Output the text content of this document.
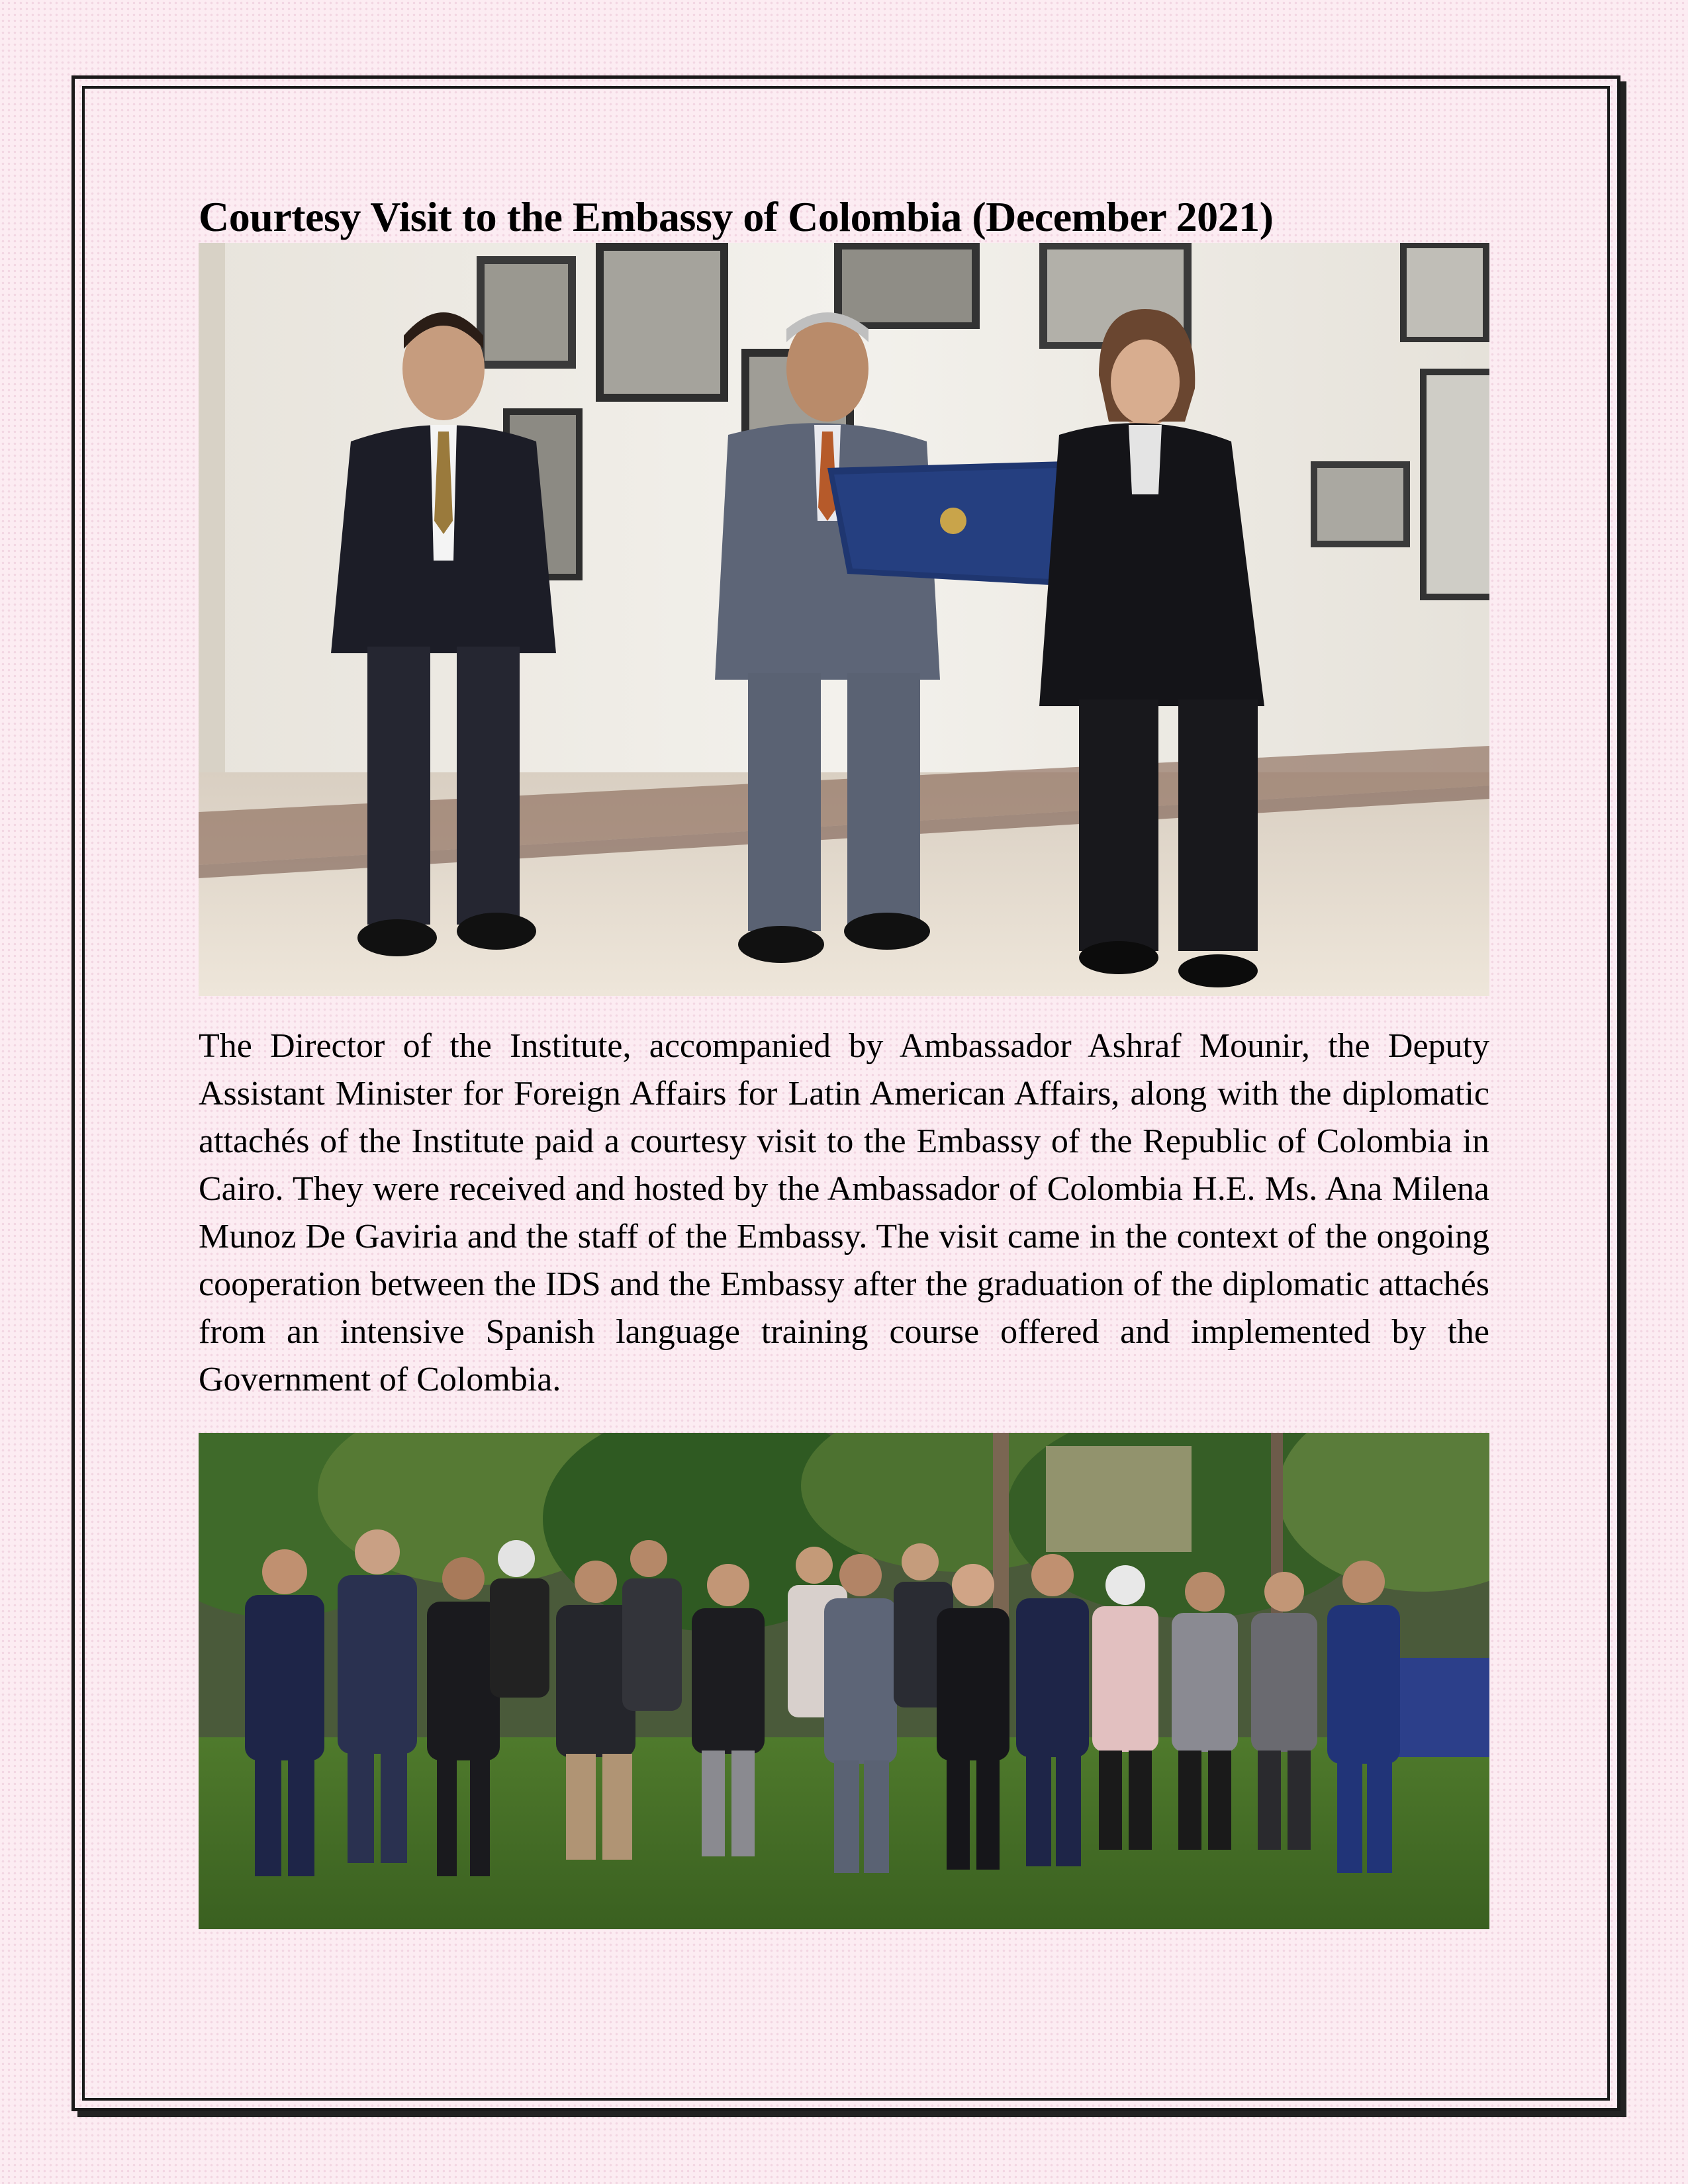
Courtesy Visit to the Embassy of Colombia (December 2021)

The Director of the Institute, accompanied by Ambassador Ashraf Mounir, the Deputy Assistant Minister for Foreign Affairs for Latin American Affairs, along with the diplomatic attachés of the Institute paid a courtesy visit to the Embassy of the Republic of Colombia in Cairo. They were received and hosted by the Ambassador of Colombia H.E. Ms. Ana Milena Munoz De Gaviria and the staff of the Embassy. The visit came in the context of the ongoing cooperation between the IDS and the Embassy after the graduation of the diplomatic attachés from an intensive Spanish language training course offered and implemented by the Government of Colombia.
